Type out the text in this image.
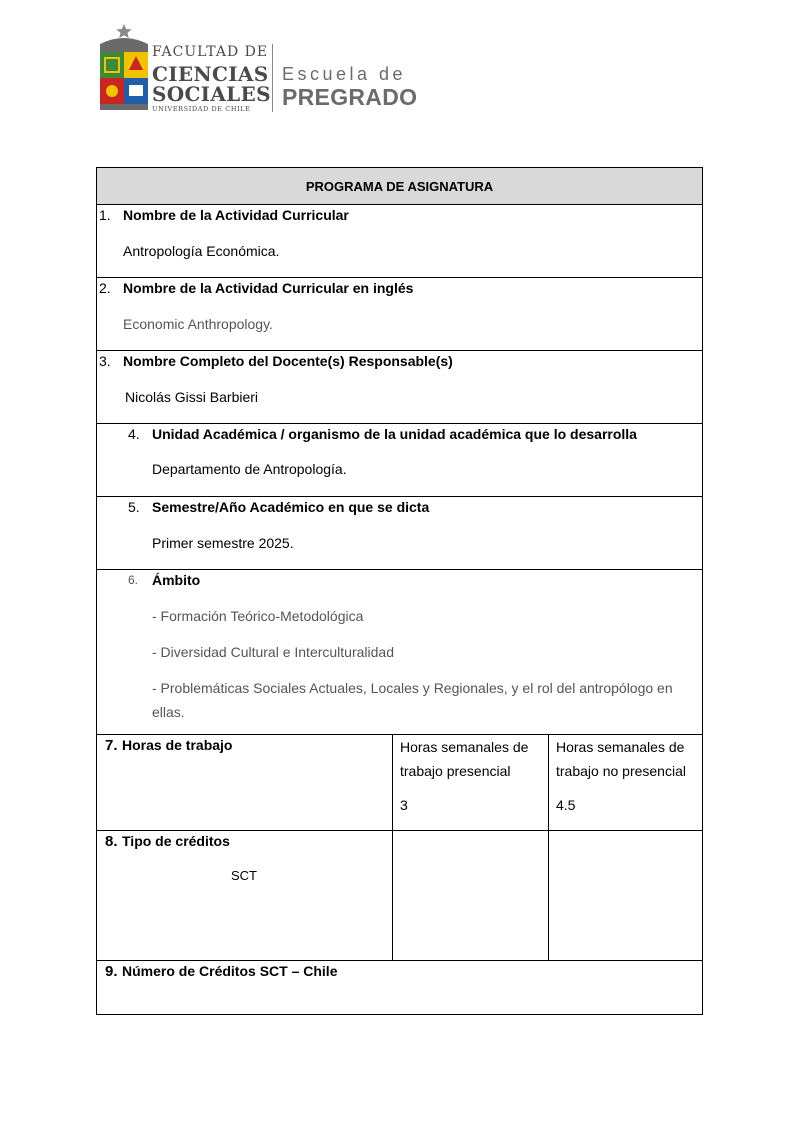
FACULTAD DE
CIENCIAS
SOCIALES
UNIVERSIDAD DE CHILE
Escuela de
PREGRADO
PROGRAMA DE ASIGNATURA
1. Nombre de la Actividad Curricular
Antropología Económica.
2. Nombre de la Actividad Curricular en inglés
Economic Anthropology.
3. Nombre Completo del Docente(s) Responsable(s)
Nicolás Gissi Barbieri
4. Unidad Académica / organismo de la unidad académica que lo desarrolla
Departamento de Antropología.
5. Semestre/Año Académico en que se dicta
Primer semestre 2025.
6. Ámbito
- Formación Teórico-Metodológica
- Diversidad Cultural e Interculturalidad
- Problemáticas Sociales Actuales, Locales y Regionales, y el rol del antropólogo en
ellas.
7. Horas de trabajo	Horas semanales de
trabajo presencial
3
Horas semanales de
trabajo no presencial
4.5
8. Tipo de créditos
SCT
9. Número de Créditos SCT – Chile
